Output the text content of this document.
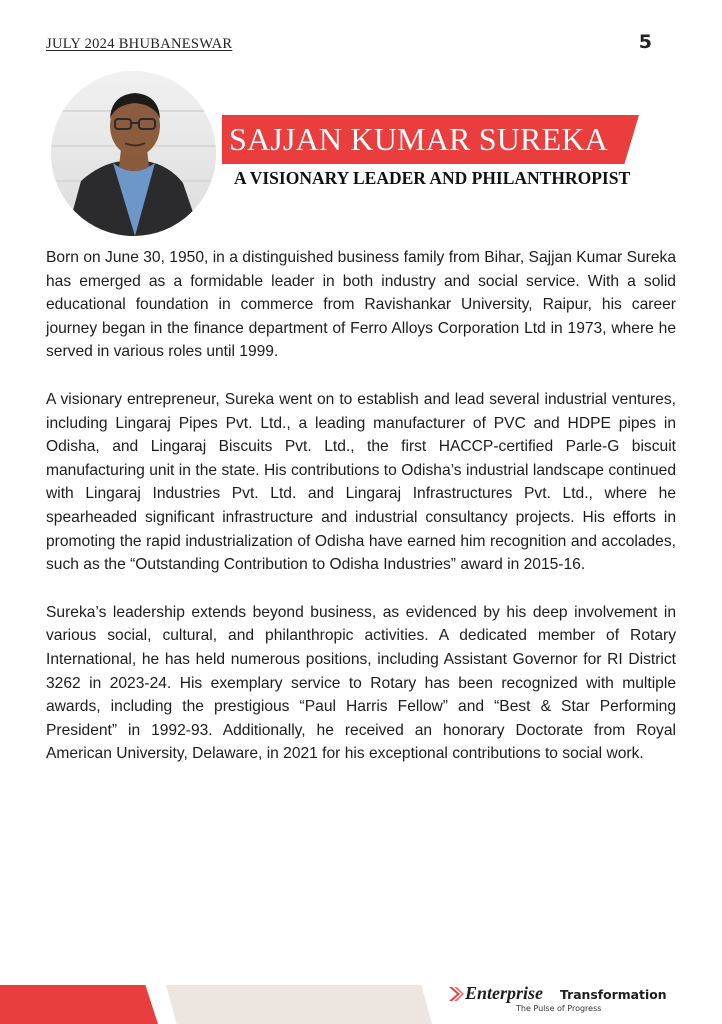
JULY 2024 BHUBANESWAR	5
SAJJAN KUMAR SUREKA
A VISIONARY LEADER AND PHILANTHROPIST

Born on June 30, 1950, in a distinguished business family from Bihar, Sajjan Kumar Sureka has emerged as a formidable leader in both industry and social service. With a solid educational foundation in commerce from Ravishankar University, Raipur, his career journey began in the finance department of Ferro Alloys Corporation Ltd in 1973, where he served in various roles until 1999.

A visionary entrepreneur, Sureka went on to establish and lead several industrial ventures, including Lingaraj Pipes Pvt. Ltd., a leading manufacturer of PVC and HDPE pipes in Odisha, and Lingaraj Biscuits Pvt. Ltd., the first HACCP-certified Parle-G biscuit manufacturing unit in the state. His contributions to Odisha’s industrial landscape continued with Lingaraj Industries Pvt. Ltd. and Lingaraj Infrastructures Pvt. Ltd., where he spearheaded significant infrastructure and industrial consultancy projects. His efforts in promoting the rapid industrialization of Odisha have earned him recognition and accolades, such as the “Outstanding Contribution to Odisha Industries” award in 2015-16.

Sureka’s leadership extends beyond business, as evidenced by his deep involvement in various social, cultural, and philanthropic activities. A dedicated member of Rotary International, he has held numerous positions, including Assistant Governor for RI District 3262 in 2023-24. His exemplary service to Rotary has been recognized with multiple awards, including the prestigious “Paul Harris Fellow” and “Best & Star Performing President” in 1992-93. Additionally, he received an honorary Doctorate from Royal American University, Delaware, in 2021 for his exceptional contributions to social work.

Enterprise Transformation
The Pulse of Progress
